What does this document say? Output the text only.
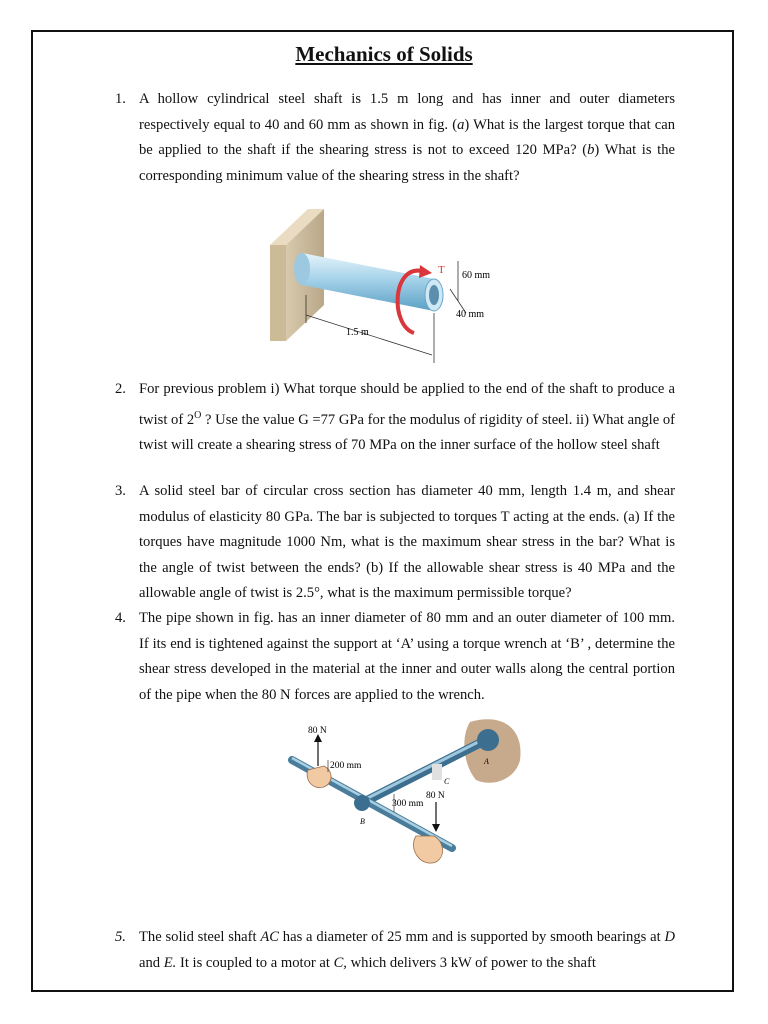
Mechanics of Solids
1. A hollow cylindrical steel shaft is 1.5 m long and has inner and outer diameters respectively equal to 40 and 60 mm as shown in fig. (a) What is the largest torque that can be applied to the shaft if the shearing stress is not to exceed 120 MPa? (b) What is the corresponding minimum value of the shearing stress in the shaft?
T 60 mm
40 mm
1.5 m
2. For previous problem i) What torque should be applied to the end of the shaft to produce a twist of $2^O$ ? Use the value G =77 GPa for the modulus of rigidity of steel. ii) What angle of twist will create a shearing stress of 70 MPa on the inner surface of the hollow steel shaft
3. A solid steel bar of circular cross section has diameter 40 mm, length 1.4 m, and shear modulus of elasticity 80 GPa. The bar is subjected to torques T acting at the ends. (a) If the torques have magnitude 1000 Nm, what is the maximum shear stress in the bar? What is the angle of twist between the ends? (b) If the allowable shear stress is 40 MPa and the allowable angle of twist is 2.5°, what is the maximum permissible torque?
4. The pipe shown in fig. has an inner diameter of 80 mm and an outer diameter of 100 mm. If its end is tightened against the support at ‘A’ using a torque wrench at ‘B’ , determine the shear stress developed in the material at the inner and outer walls along the central portion of the pipe when the 80 N forces are applied to the wrench.
80 N
200 mm
300 mm
80 N
A
B
C
5. The solid steel shaft AC has a diameter of 25 mm and is supported by smooth bearings at D and E. It is coupled to a motor at C, which delivers 3 kW of power to the shaft
